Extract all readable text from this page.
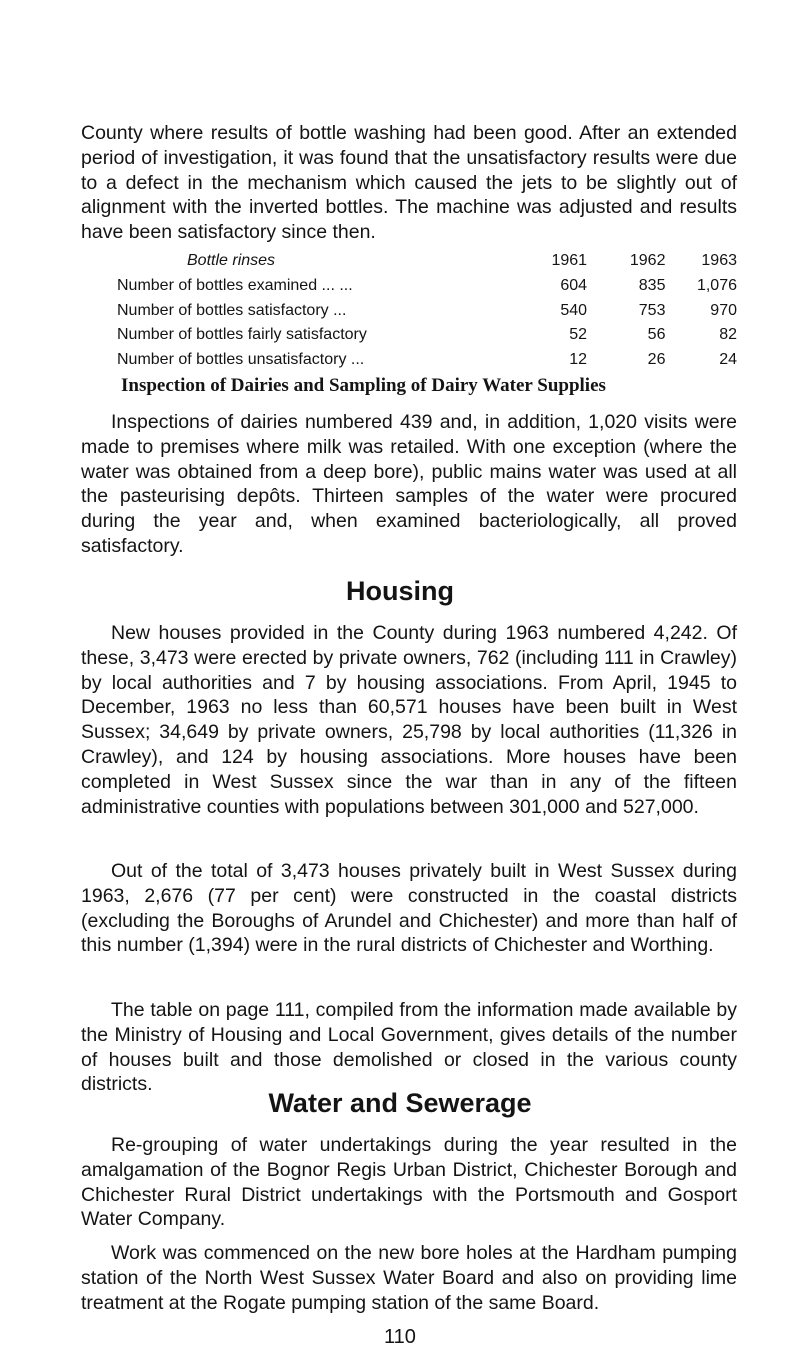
County where results of bottle washing had been good. After an extended period of investigation, it was found that the unsatisfactory results were due to a defect in the mechanism which caused the jets to be slightly out of alignment with the inverted bottles. The machine was adjusted and results have been satisfactory since then.

Bottle rinses	1961	1962	1963
Number of bottles examined ... ...	604	835	1,076
Number of bottles satisfactory ...	540	753	970
Number of bottles fairly satisfactory	52	56	82
Number of bottles unsatisfactory ...	12	26	24
Inspection of Dairies and Sampling of Dairy Water Supplies

Inspections of dairies numbered 439 and, in addition, 1,020 visits were made to premises where milk was retailed. With one exception (where the water was obtained from a deep bore), public mains water was used at all the pasteurising depôts. Thirteen samples of the water were procured during the year and, when examined bacteriologically, all proved satisfactory.

Housing

New houses provided in the County during 1963 numbered 4,242. Of these, 3,473 were erected by private owners, 762 (including 111 in Crawley) by local authorities and 7 by housing associations. From April, 1945 to December, 1963 no less than 60,571 houses have been built in West Sussex; 34,649 by private owners, 25,798 by local authorities (11,326 in Crawley), and 124 by housing associations. More houses have been completed in West Sussex since the war than in any of the fifteen administrative counties with populations between 301,000 and 527,000.

Out of the total of 3,473 houses privately built in West Sussex during 1963, 2,676 (77 per cent) were constructed in the coastal districts (excluding the Boroughs of Arundel and Chichester) and more than half of this number (1,394) were in the rural districts of Chichester and Worthing.

The table on page 111, compiled from the information made available by the Ministry of Housing and Local Government, gives details of the number of houses built and those demolished or closed in the various county districts.

Water and Sewerage

Re-grouping of water undertakings during the year resulted in the amalgamation of the Bognor Regis Urban District, Chichester Borough and Chichester Rural District undertakings with the Portsmouth and Gosport Water Company.

Work was commenced on the new bore holes at the Hardham pumping station of the North West Sussex Water Board and also on providing lime treatment at the Rogate pumping station of the same Board.

110
